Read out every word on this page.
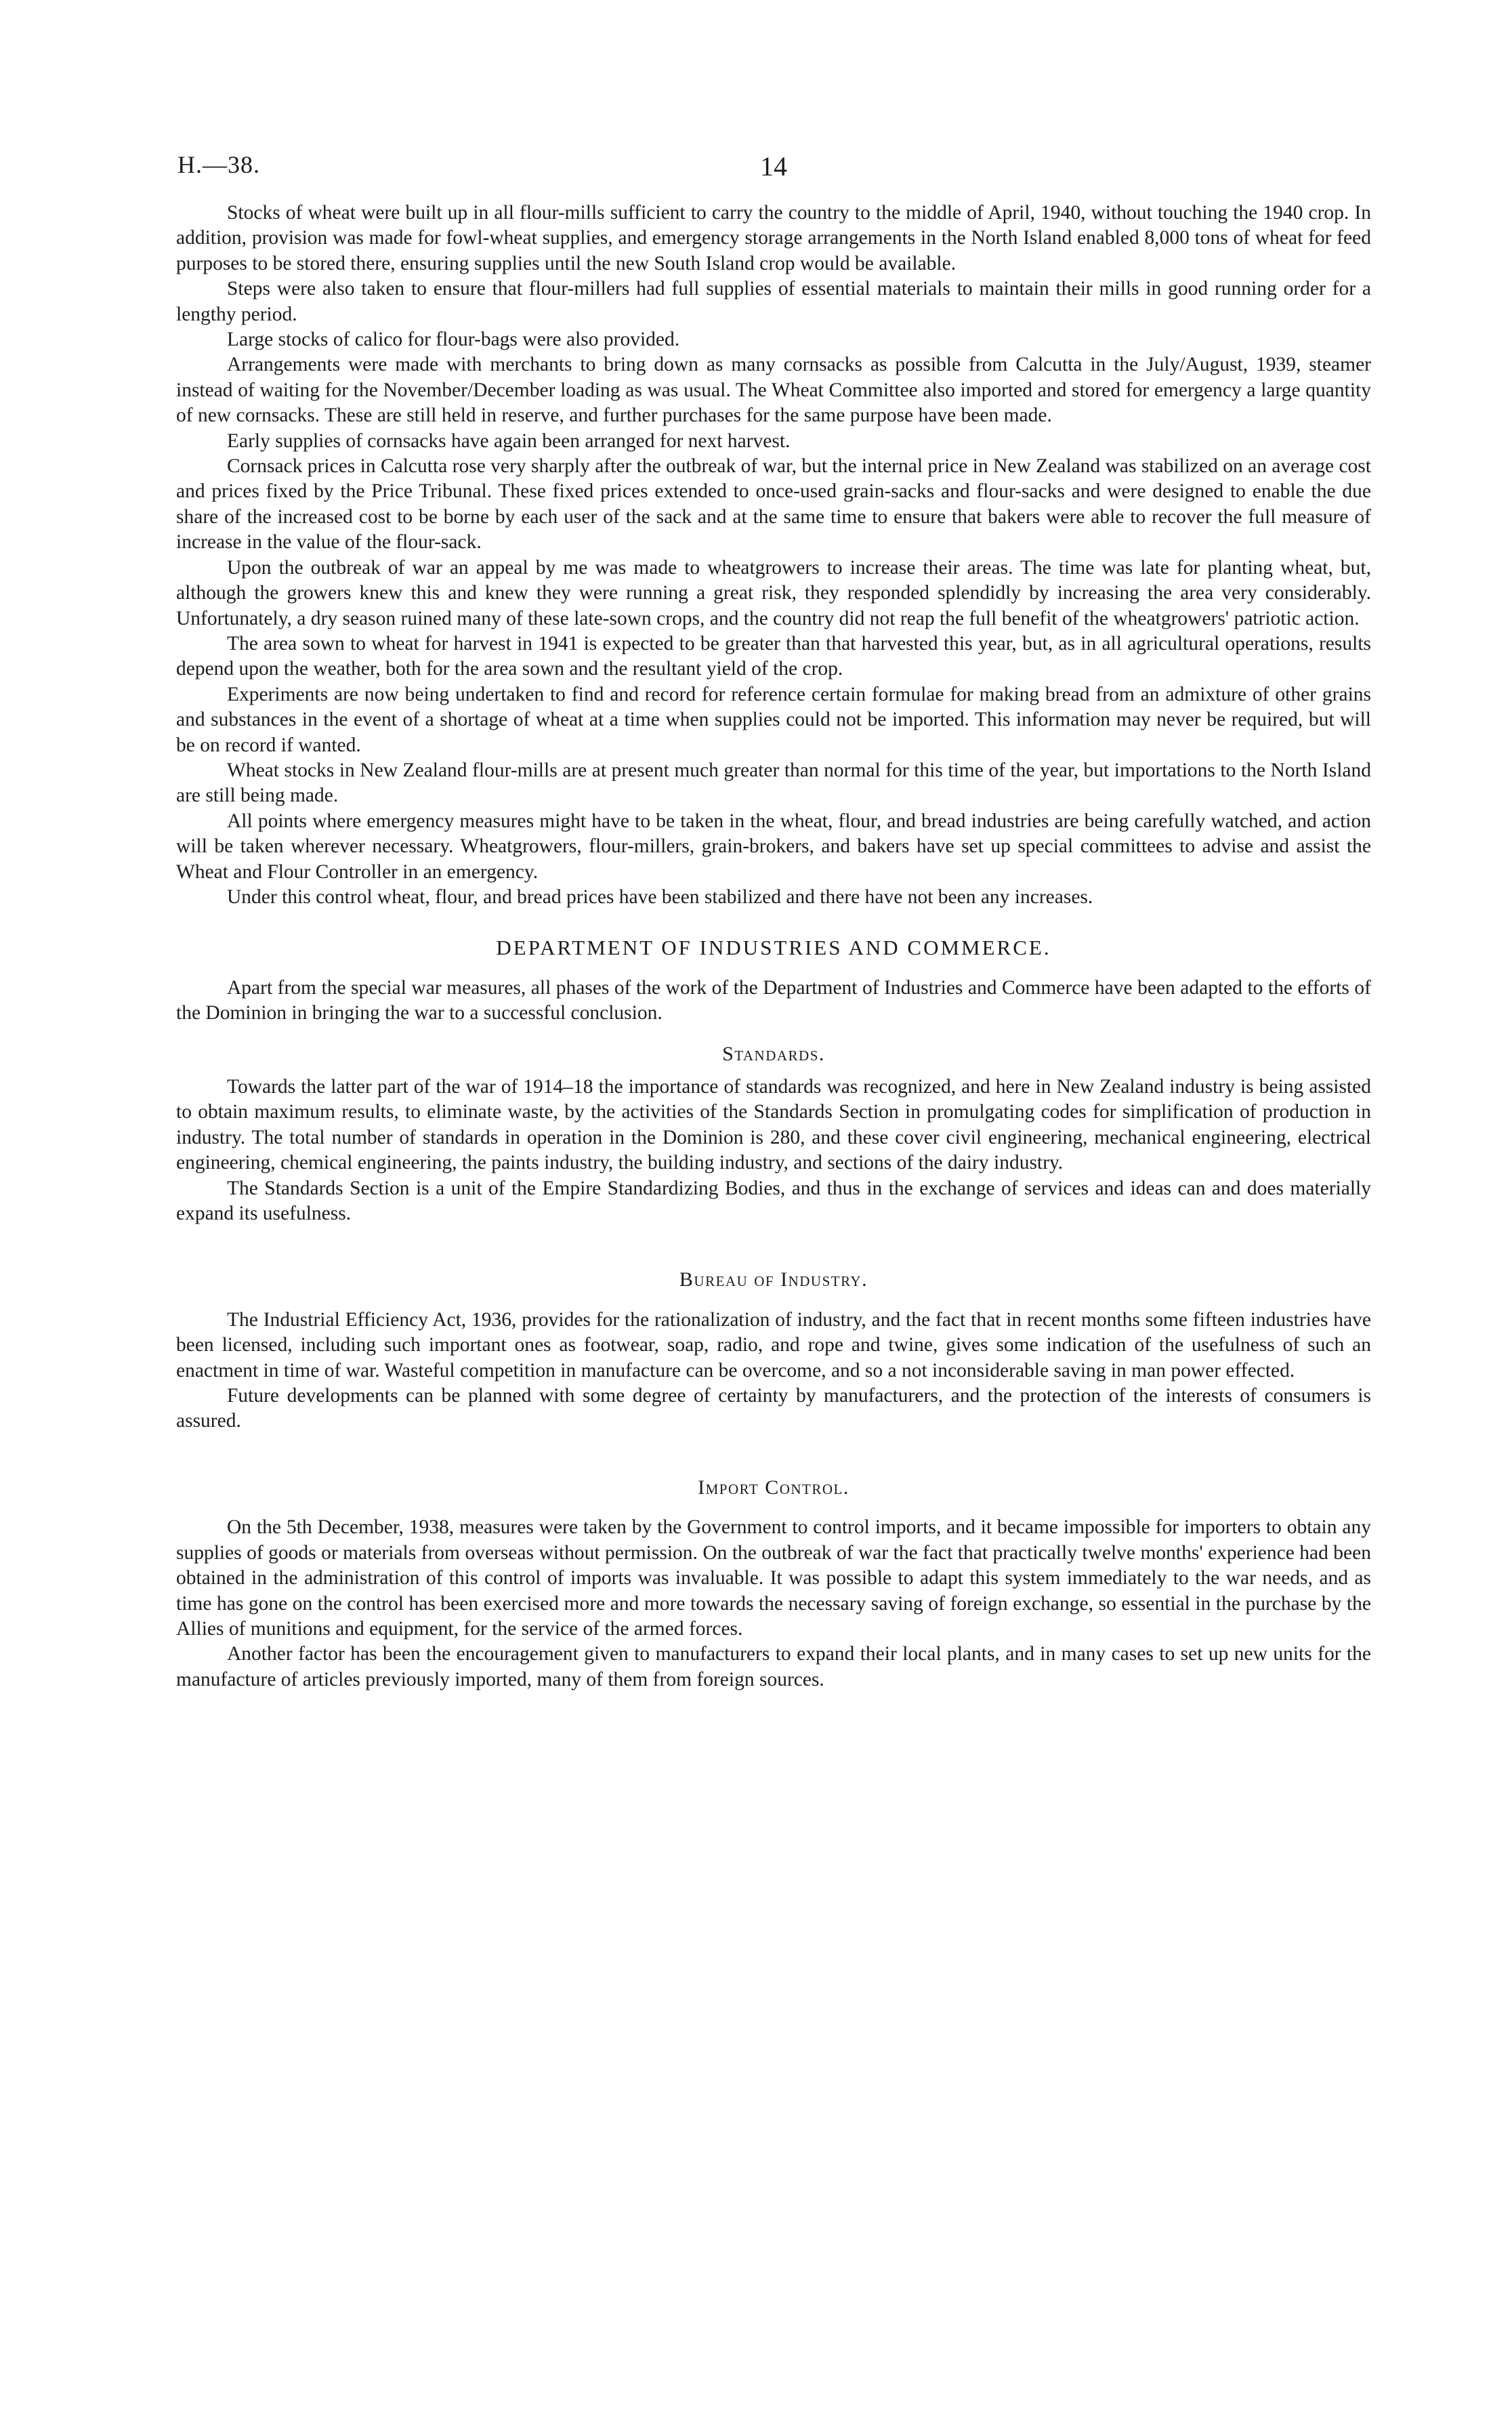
H.—38.	14

Stocks of wheat were built up in all flour-mills sufficient to carry the country to the middle of April, 1940, without touching the 1940 crop. In addition, provision was made for fowl-wheat supplies, and emergency storage arrangements in the North Island enabled 8,000 tons of wheat for feed purposes to be stored there, ensuring supplies until the new South Island crop would be available.

Steps were also taken to ensure that flour-millers had full supplies of essential materials to maintain their mills in good running order for a lengthy period.

Large stocks of calico for flour-bags were also provided.

Arrangements were made with merchants to bring down as many cornsacks as possible from Calcutta in the July/August, 1939, steamer instead of waiting for the November/December loading as was usual. The Wheat Committee also imported and stored for emergency a large quantity of new cornsacks. These are still held in reserve, and further purchases for the same purpose have been made.

Early supplies of cornsacks have again been arranged for next harvest.

Cornsack prices in Calcutta rose very sharply after the outbreak of war, but the internal price in New Zealand was stabilized on an average cost and prices fixed by the Price Tribunal. These fixed prices extended to once-used grain-sacks and flour-sacks and were designed to enable the due share of the increased cost to be borne by each user of the sack and at the same time to ensure that bakers were able to recover the full measure of increase in the value of the flour-sack.

Upon the outbreak of war an appeal by me was made to wheatgrowers to increase their areas. The time was late for planting wheat, but, although the growers knew this and knew they were running a great risk, they responded splendidly by increasing the area very considerably. Unfortunately, a dry season ruined many of these late-sown crops, and the country did not reap the full benefit of the wheatgrowers' patriotic action.

The area sown to wheat for harvest in 1941 is expected to be greater than that harvested this year, but, as in all agricultural operations, results depend upon the weather, both for the area sown and the resultant yield of the crop.

Experiments are now being undertaken to find and record for reference certain formulae for making bread from an admixture of other grains and substances in the event of a shortage of wheat at a time when supplies could not be imported. This information may never be required, but will be on record if wanted.

Wheat stocks in New Zealand flour-mills are at present much greater than normal for this time of the year, but importations to the North Island are still being made.

All points where emergency measures might have to be taken in the wheat, flour, and bread industries are being carefully watched, and action will be taken wherever necessary. Wheatgrowers, flour-millers, grain-brokers, and bakers have set up special committees to advise and assist the Wheat and Flour Controller in an emergency.

Under this control wheat, flour, and bread prices have been stabilized and there have not been any increases.

DEPARTMENT OF INDUSTRIES AND COMMERCE.

Apart from the special war measures, all phases of the work of the Department of Industries and Commerce have been adapted to the efforts of the Dominion in bringing the war to a successful conclusion.

Standards.

Towards the latter part of the war of 1914–18 the importance of standards was recognized, and here in New Zealand industry is being assisted to obtain maximum results, to eliminate waste, by the activities of the Standards Section in promulgating codes for simplification of production in industry. The total number of standards in operation in the Dominion is 280, and these cover civil engineering, mechanical engineering, electrical engineering, chemical engineering, the paints industry, the building industry, and sections of the dairy industry.

The Standards Section is a unit of the Empire Standardizing Bodies, and thus in the exchange of services and ideas can and does materially expand its usefulness.

Bureau of Industry.

The Industrial Efficiency Act, 1936, provides for the rationalization of industry, and the fact that in recent months some fifteen industries have been licensed, including such important ones as footwear, soap, radio, and rope and twine, gives some indication of the usefulness of such an enactment in time of war. Wasteful competition in manufacture can be overcome, and so a not inconsiderable saving in man power effected.

Future developments can be planned with some degree of certainty by manufacturers, and the protection of the interests of consumers is assured.

Import Control.

On the 5th December, 1938, measures were taken by the Government to control imports, and it became impossible for importers to obtain any supplies of goods or materials from overseas without permission. On the outbreak of war the fact that practically twelve months' experience had been obtained in the administration of this control of imports was invaluable. It was possible to adapt this system immediately to the war needs, and as time has gone on the control has been exercised more and more towards the necessary saving of foreign exchange, so essential in the purchase by the Allies of munitions and equipment, for the service of the armed forces.

Another factor has been the encouragement given to manufacturers to expand their local plants, and in many cases to set up new units for the manufacture of articles previously imported, many of them from foreign sources.
